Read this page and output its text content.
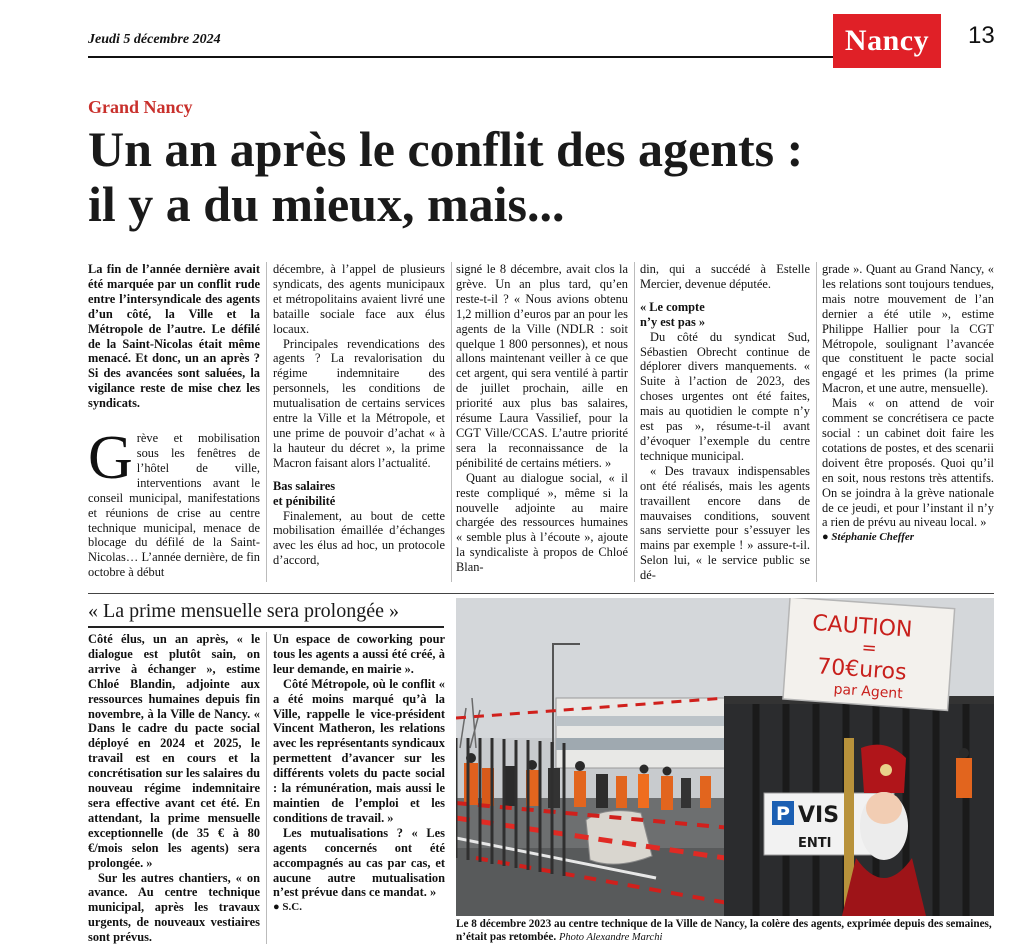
Jeudi 5 décembre 2024	Nancy	13
Grand Nancy
Un an après le conflit des agents :
il y a du mieux, mais...

La fin de l’année dernière avait été marquée par un conflit rude entre l’intersyndicale des agents d’un côté, la Ville et la Métropole de l’autre. Le défilé de la Saint-Nicolas était même menacé. Et donc, un an après ? Si des avancées sont saluées, la vigilance reste de mise chez les syndicats.

Grève et mobilisation sous les fenêtres de l’hôtel de ville, interventions avant le conseil municipal, manifestations et réunions de crise au centre technique municipal, menace de blocage du défilé de la Saint-Nicolas… L’année dernière, de fin octobre à début

décembre, à l’appel de plusieurs syndicats, des agents municipaux et métropolitains avaient livré une bataille sociale face aux élus locaux.

Principales revendications des agents ? La revalorisation du régime indemnitaire des personnels, les conditions de mutualisation de certains services entre la Ville et la Métropole, et une prime de pouvoir d’achat « à la hauteur du décret », la prime Macron faisant alors l’actualité.

Bas salaires
et pénibilité

Finalement, au bout de cette mobilisation émaillée d’échanges avec les élus ad hoc, un protocole d’accord,

signé le 8 décembre, avait clos la grève. Un an plus tard, qu’en reste-t-il ? « Nous avions obtenu 1,2 million d’euros par an pour les agents de la Ville (NDLR : soit quelque 1 800 personnes), et nous allons maintenant veiller à ce que cet argent, qui sera ventilé à partir de juillet prochain, aille en priorité aux plus bas salaires, résume Laura Vassilief, pour la CGT Ville/CCAS. L’autre priorité sera la reconnaissance de la pénibilité de certains métiers. »

Quant au dialogue social, « il reste compliqué », même si la nouvelle adjointe au maire chargée des ressources humaines « semble plus à l’écoute », ajoute la syndicaliste à propos de Chloé Blan-

din, qui a succédé à Estelle Mercier, devenue députée.

« Le compte
n’y est pas »

Du côté du syndicat Sud, Sébastien Obrecht continue de déplorer divers manquements. « Suite à l’action de 2023, des choses urgentes ont été faites, mais au quotidien le compte n’y est pas », résume-t-il avant d’évoquer l’exemple du centre technique municipal.

« Des travaux indispensables ont été réalisés, mais les agents travaillent encore dans de mauvaises conditions, souvent sans serviette pour s’essuyer les mains par exemple ! » assure-t-il. Selon lui, « le service public se dé-

grade ». Quant au Grand Nancy, « les relations sont toujours tendues, mais notre mouvement de l’an dernier a été utile », estime Philippe Hallier pour la CGT Métropole, soulignant l’avancée que constituent le pacte social engagé et les primes (la prime Macron, et une autre, mensuelle).

Mais « on attend de voir comment se concrétisera ce pacte social : un cabinet doit faire les cotations de postes, et des scenarii doivent être proposés. Quoi qu’il en soit, nous restons très attentifs. On se joindra à la grève nationale de ce jeudi, et pour l’instant il n’y a rien de prévu au niveau local. »

● Stéphanie Cheffer

« La prime mensuelle sera prolongée »

Côté élus, un an après, « le dialogue est plutôt sain, on arrive à échanger », estime Chloé Blandin, adjointe aux ressources humaines depuis fin novembre, à la Ville de Nancy. « Dans le cadre du pacte social déployé en 2024 et 2025, le travail est en cours et la concrétisation sur les salaires du nouveau régime indemnitaire sera effective avant cet été. En attendant, la prime mensuelle exceptionnelle (de 35 € à 80 €/mois selon les agents) sera prolongée. »

Sur les autres chantiers, « on avance. Au centre technique municipal, après les travaux urgents, de nouveaux vestiaires sont prévus.

Un espace de coworking pour tous les agents a aussi été créé, à leur demande, en mairie ».

Côté Métropole, où le conflit « a été moins marqué qu’à la Ville, rappelle le vice-président Vincent Matheron, les relations avec les représentants syndicaux permettent d’avancer sur les différents volets du pacte social : la rémunération, mais aussi le maintien de l’emploi et les conditions de travail. »

Les mutualisations ? « Les agents concernés ont été accompagnés au cas par cas, et aucune autre mutualisation n’est prévue dans ce mandat. »

● S.C.

P VIS
ENTI
CAUTION
=
70€uros
par Agent
Le 8 décembre 2023 au centre technique de la Ville de Nancy, la colère des agents, exprimée depuis des semaines, n’était pas retombée. Photo Alexandre Marchi
